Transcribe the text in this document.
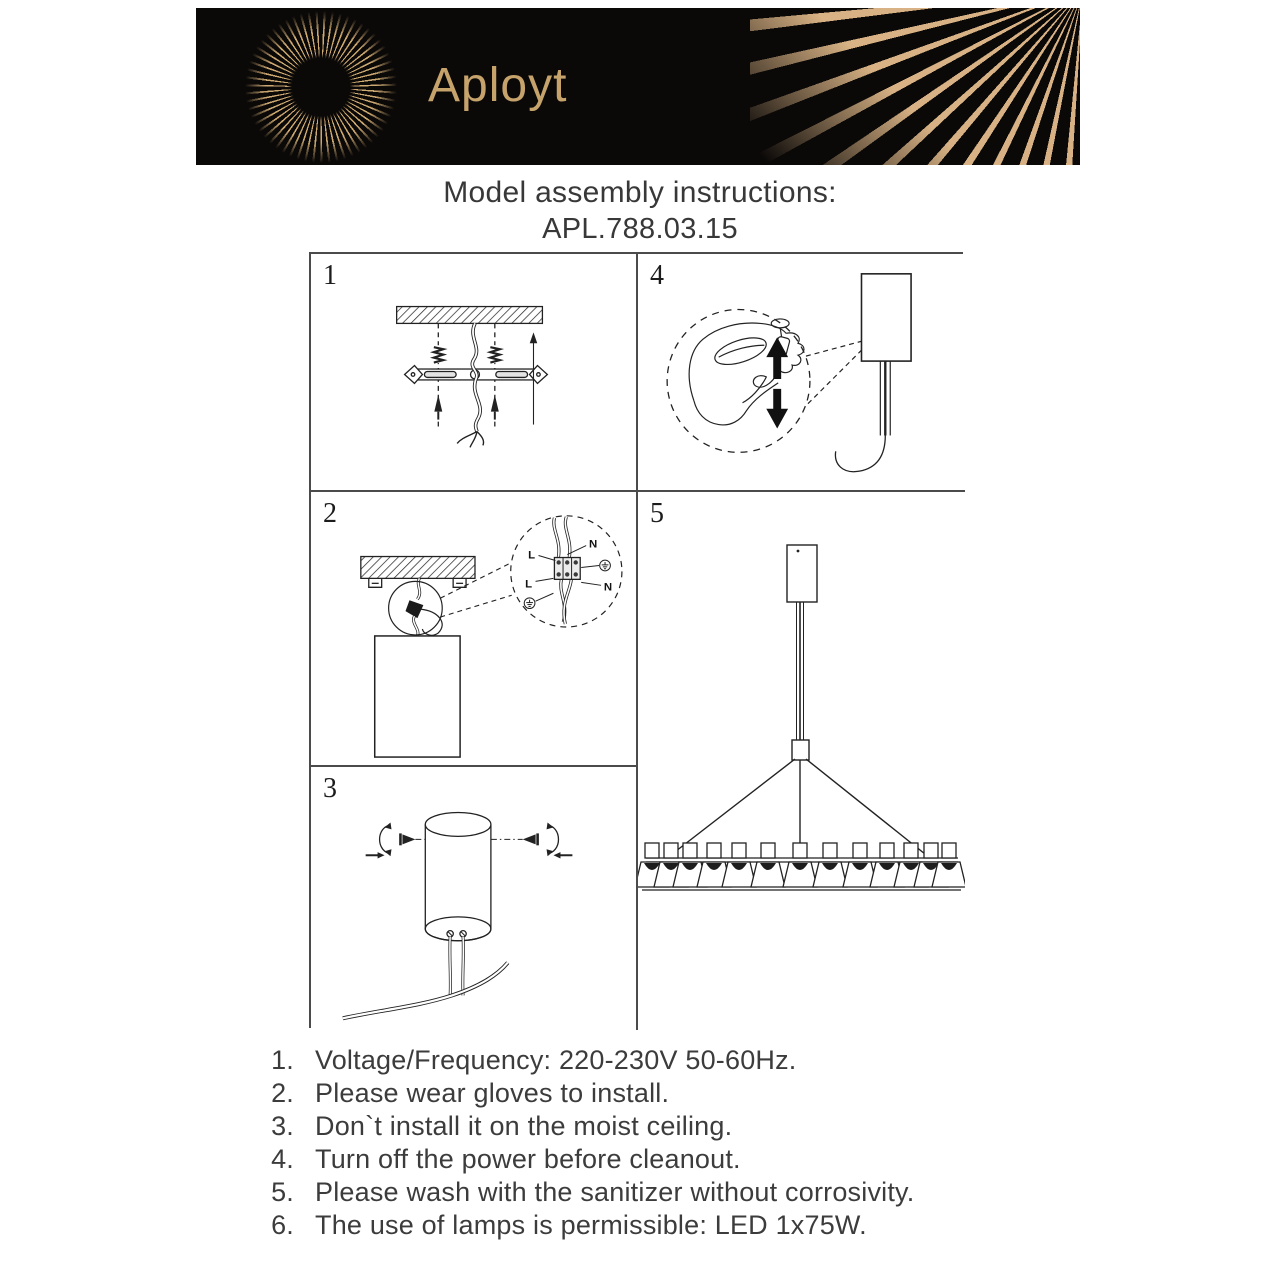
Aployt
Model assembly instructions:
APL.788.03.15
1
2
N
L
L	N
3
4
5
1. Voltage/Frequency: 220-230V 50-60Hz.
2. Please wear gloves to install.
3. Don`t install it on the moist ceiling.
4. Turn off the power before cleanout.
5. Please wash with the sanitizer without corrosivity.
6. The use of lamps is permissible: LED 1x75W.
